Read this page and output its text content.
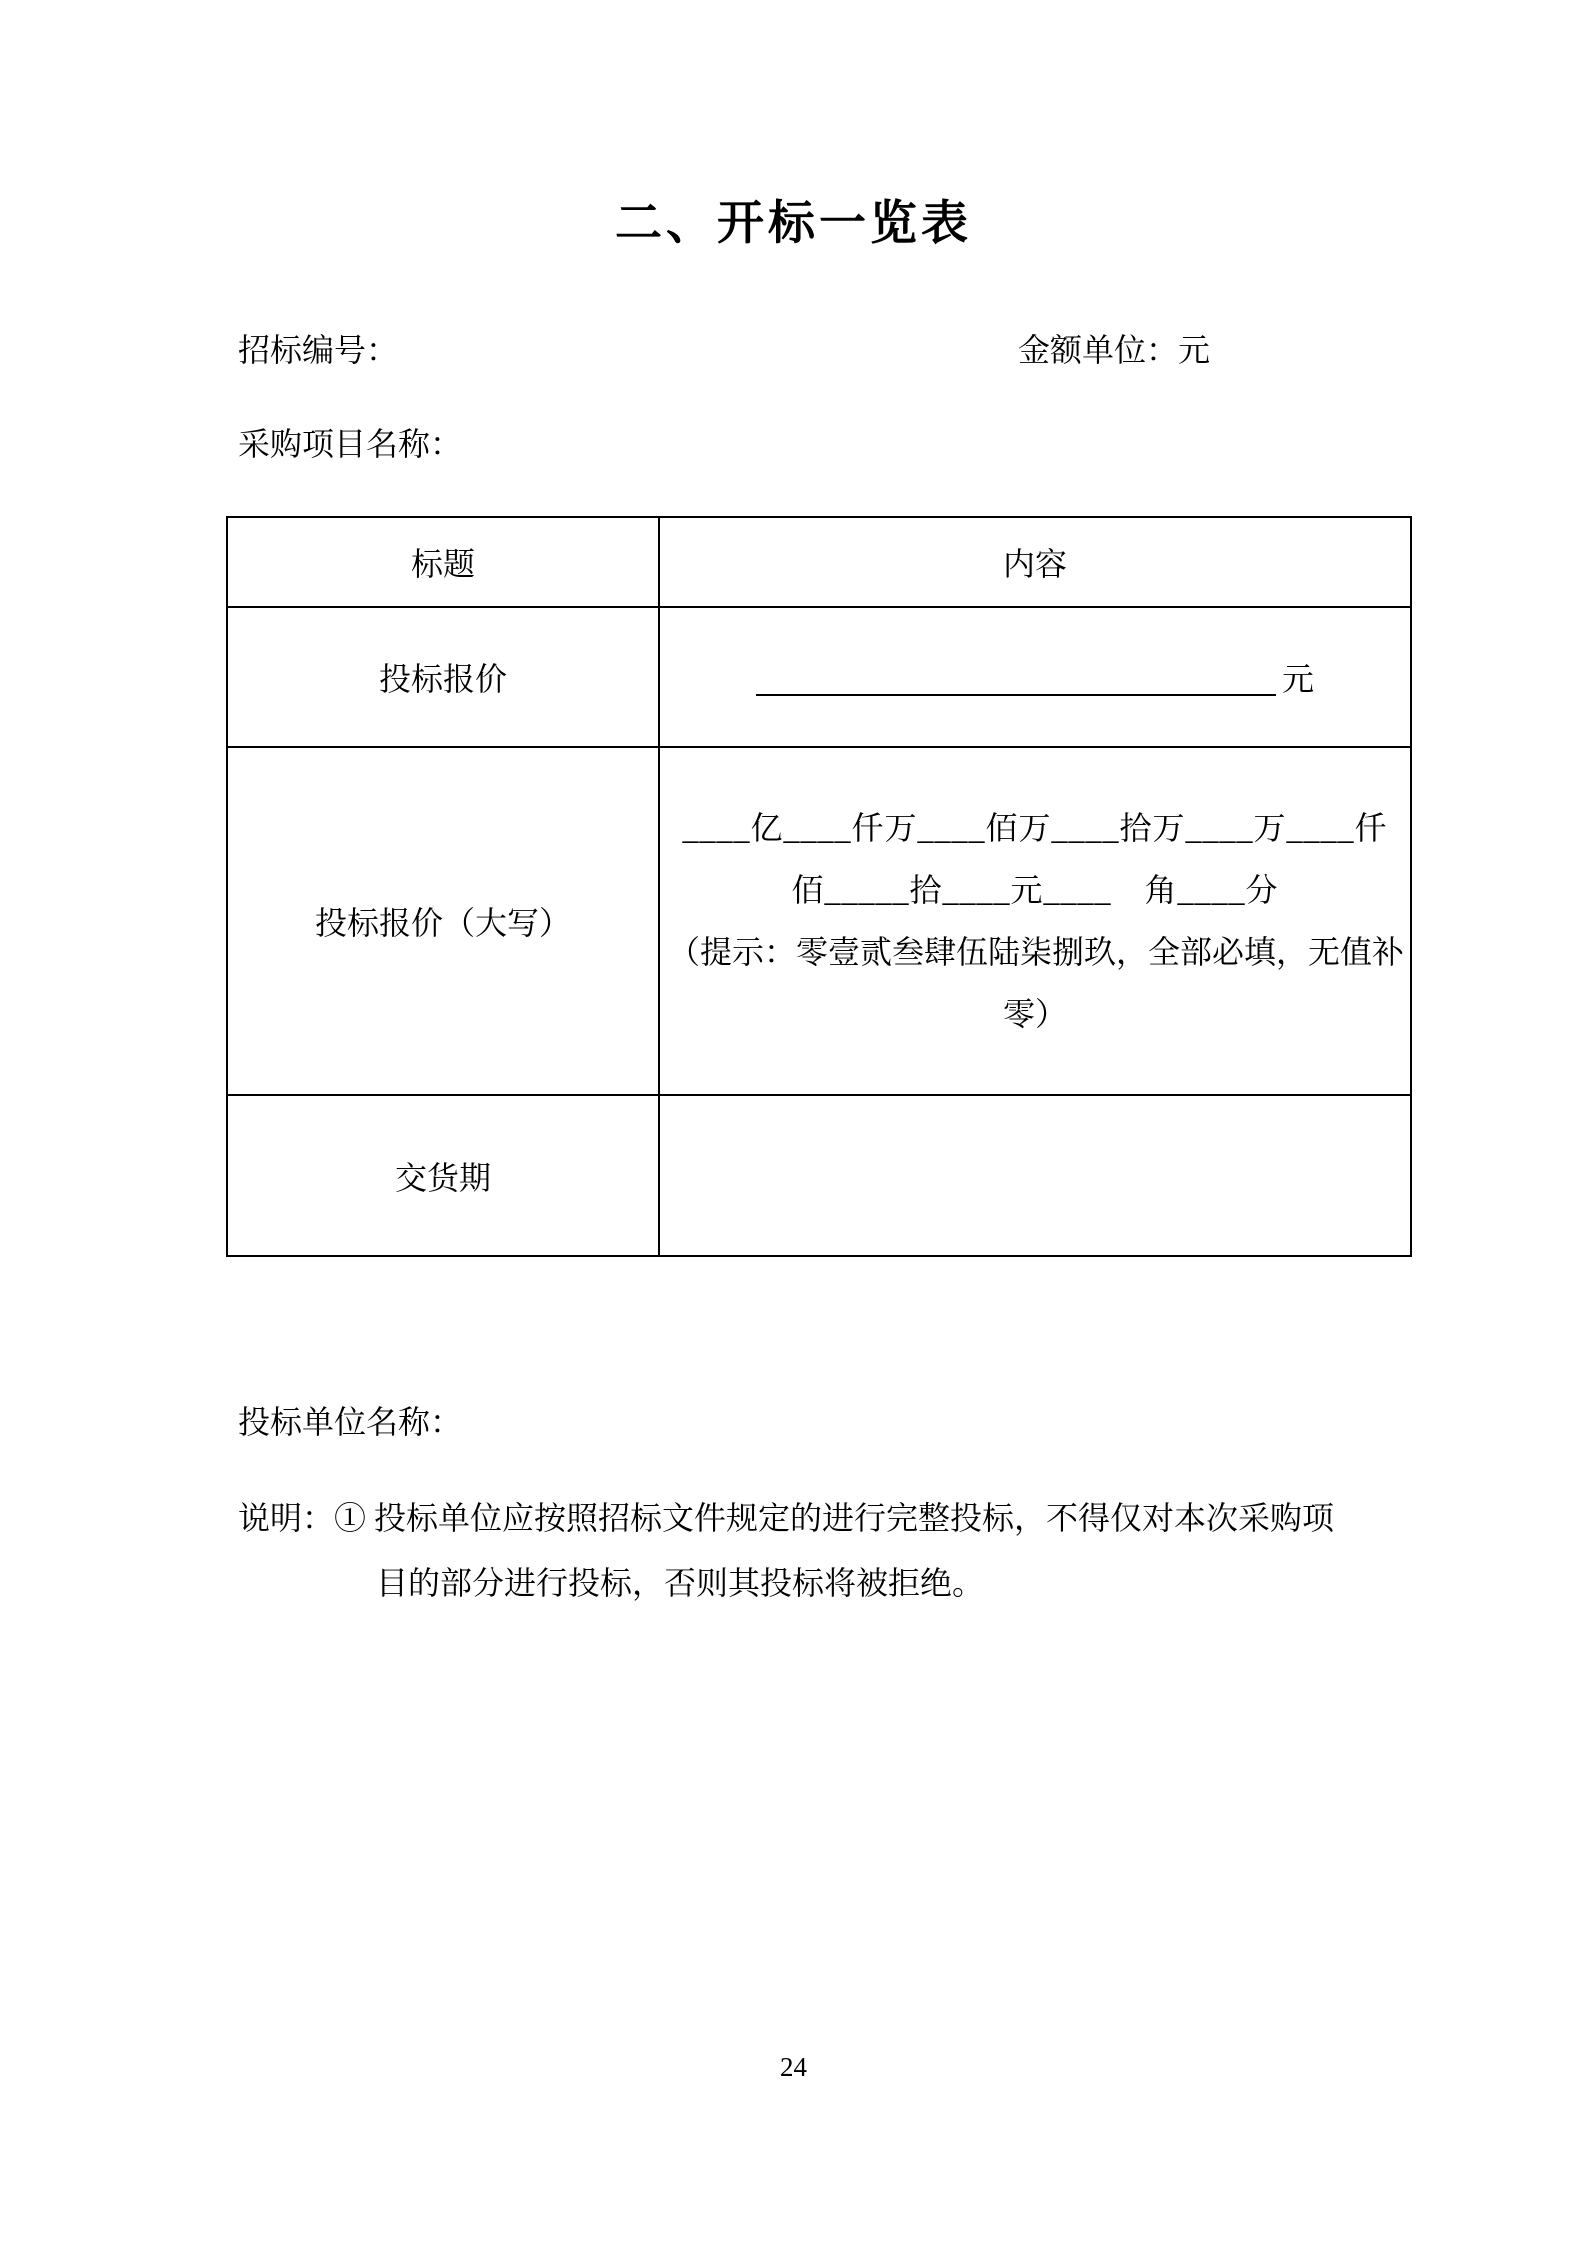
二、开标一览表
招标编号：	金额单位：元
采购项目名称：
标题	内容
投标报价	元
投标报价（大写）	____亿____仟万____佰万____拾万____万____仟
佰_____拾____元____　角____分
（提示：零壹贰叁肆伍陆柒捌玖，全部必填，无值补
零）

交货期	
投标单位名称：
说明：① 投标单位应按照招标文件规定的进行完整投标，不得仅对本次采购项
目的部分进行投标，否则其投标将被拒绝。
24
